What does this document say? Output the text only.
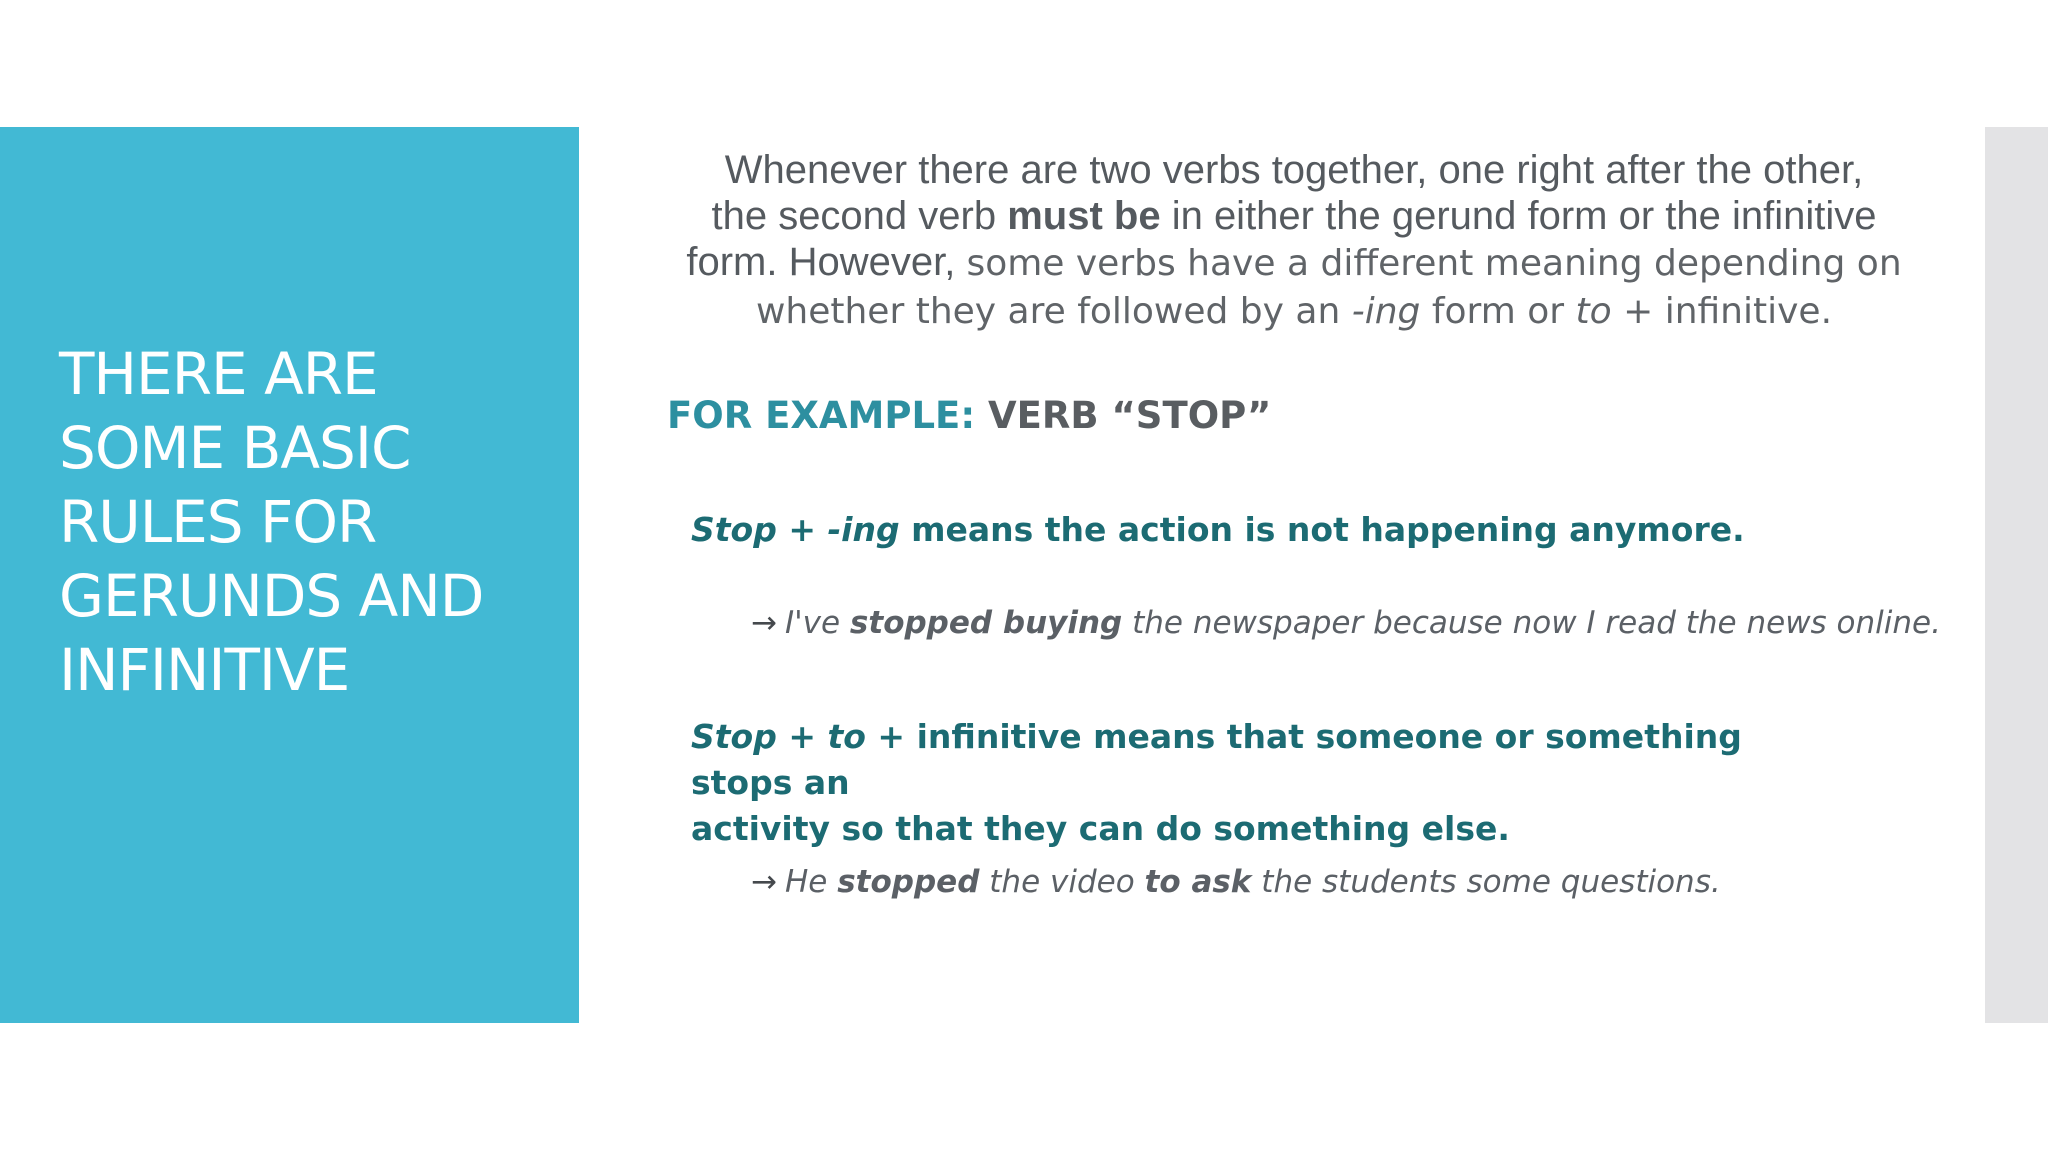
THERE ARE
SOME BASIC
RULES FOR
GERUNDS AND
INFINITIVE
Whenever there are two verbs together, one right after the other,
the second verb must be in either the gerund form or the infinitive
form. However, some verbs have a different meaning depending on
whether they are followed by an -ing form or to + infinitive.
FOR EXAMPLE: VERB “STOP”

Stop + -ing means the action is not happening anymore.

→ I've stopped buying the newspaper because now I read the news online.

Stop + to + infinitive means that someone or something stops an
activity so that they can do something else.

→ He stopped the video to ask the students some questions.
